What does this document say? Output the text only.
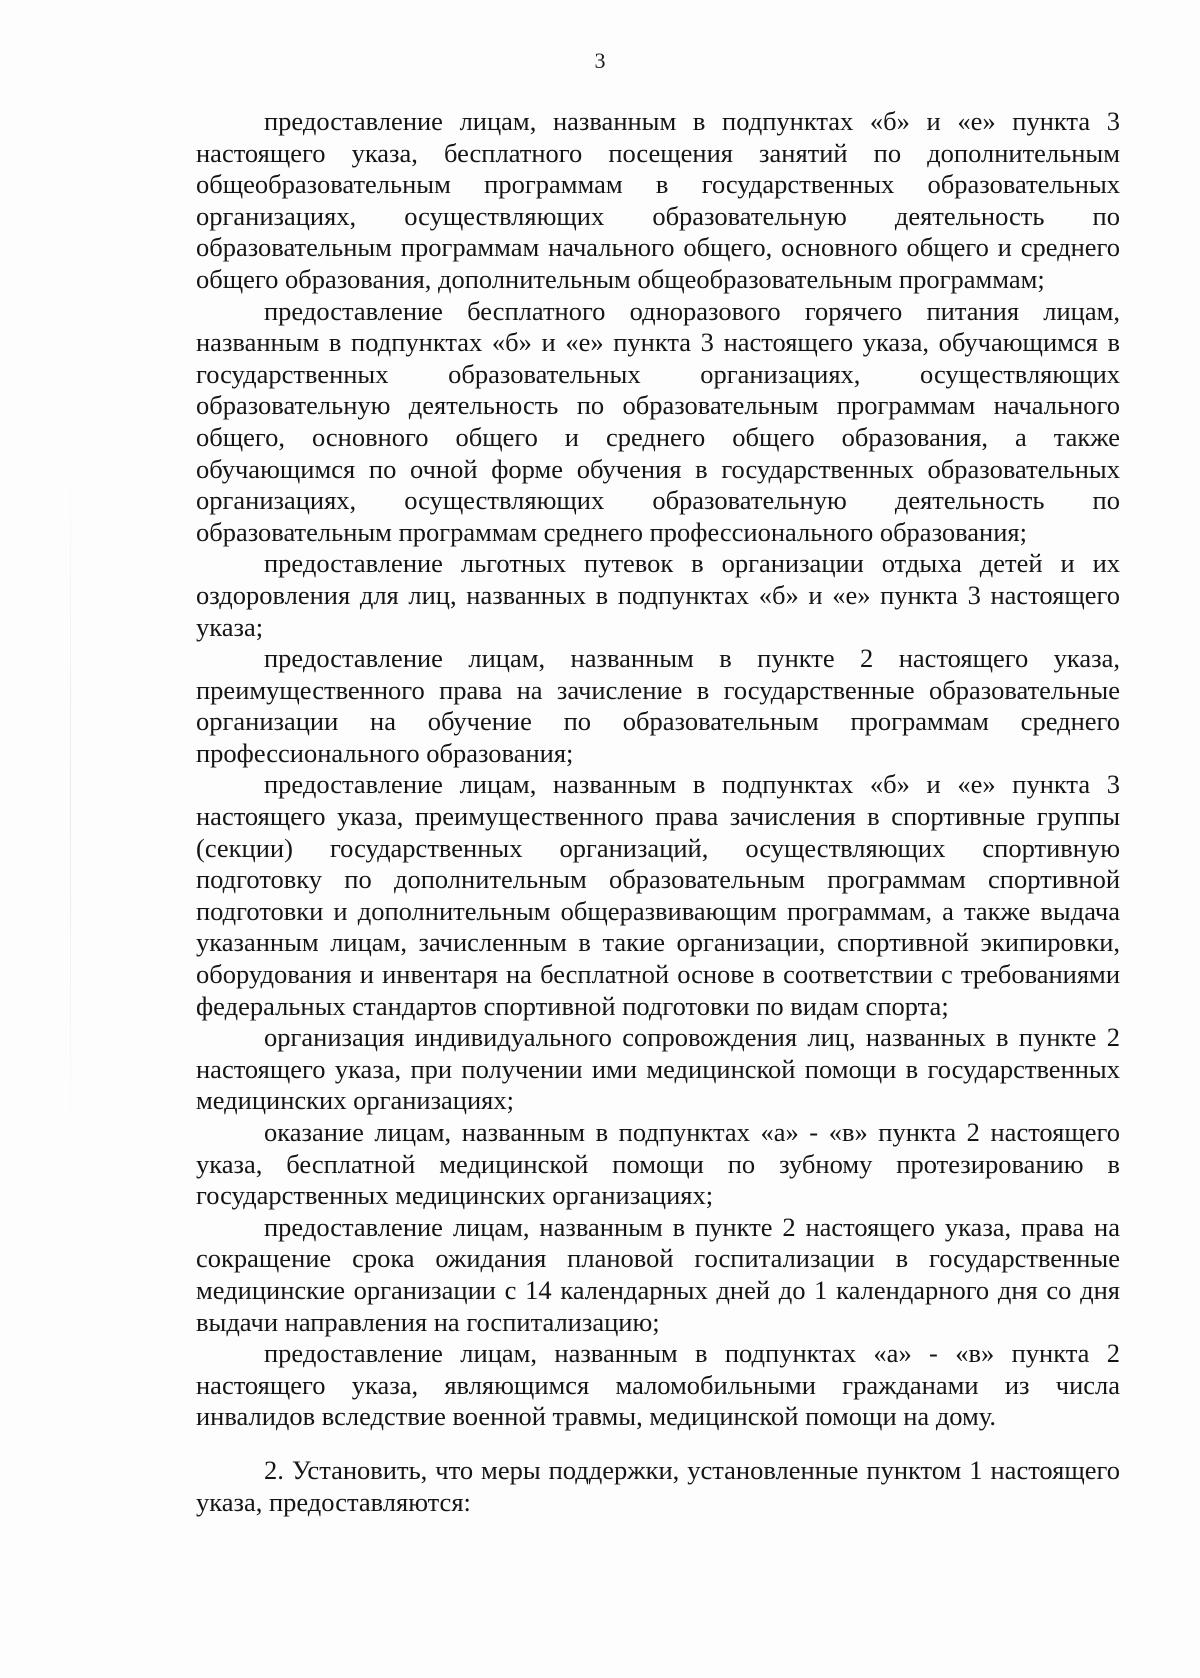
3

предоставление лицам, названным в подпунктах «б» и «е» пункта 3 настоящего указа, бесплатного посещения занятий по дополнительным общеобразовательным программам в государственных образовательных организациях, осуществляющих образовательную деятельность по образовательным программам начального общего, основного общего и среднего общего образования, дополнительным общеобразовательным программам;

предоставление бесплатного одноразового горячего питания лицам, названным в подпунктах «б» и «е» пункта 3 настоящего указа, обучающимся в государственных образовательных организациях, осуществляющих образовательную деятельность по образовательным программам начального общего, основного общего и среднего общего образования, а также обучающимся по очной форме обучения в государственных образовательных организациях, осуществляющих образовательную деятельность по образовательным программам среднего профессионального образования;

предоставление льготных путевок в организации отдыха детей и их оздоровления для лиц, названных в подпунктах «б» и «е» пункта 3 настоящего указа;

предоставление лицам, названным в пункте 2 настоящего указа, преимущественного права на зачисление в государственные образовательные организации на обучение по образовательным программам среднего профессионального образования;

предоставление лицам, названным в подпунктах «б» и «е» пункта 3 настоящего указа, преимущественного права зачисления в спортивные группы (секции) государственных организаций, осуществляющих спортивную подготовку по дополнительным образовательным программам спортивной подготовки и дополнительным общеразвивающим программам, а также выдача указанным лицам, зачисленным в такие организации, спортивной экипировки, оборудования и инвентаря на бесплатной основе в соответствии с требованиями федеральных стандартов спортивной подготовки по видам спорта;

организация индивидуального сопровождения лиц, названных в пункте 2 настоящего указа, при получении ими медицинской помощи в государственных медицинских организациях;

оказание лицам, названным в подпунктах «а» - «в» пункта 2 настоящего указа, бесплатной медицинской помощи по зубному протезированию в государственных медицинских организациях;

предоставление лицам, названным в пункте 2 настоящего указа, права на сокращение срока ожидания плановой госпитализации в государственные медицинские организации с 14 календарных дней до 1 календарного дня со дня выдачи направления на госпитализацию;

предоставление лицам, названным в подпунктах «а» - «в» пункта 2 настоящего указа, являющимся маломобильными гражданами из числа инвалидов вследствие военной травмы, медицинской помощи на дому.

2. Установить, что меры поддержки, установленные пунктом 1 настоящего указа, предоставляются:
